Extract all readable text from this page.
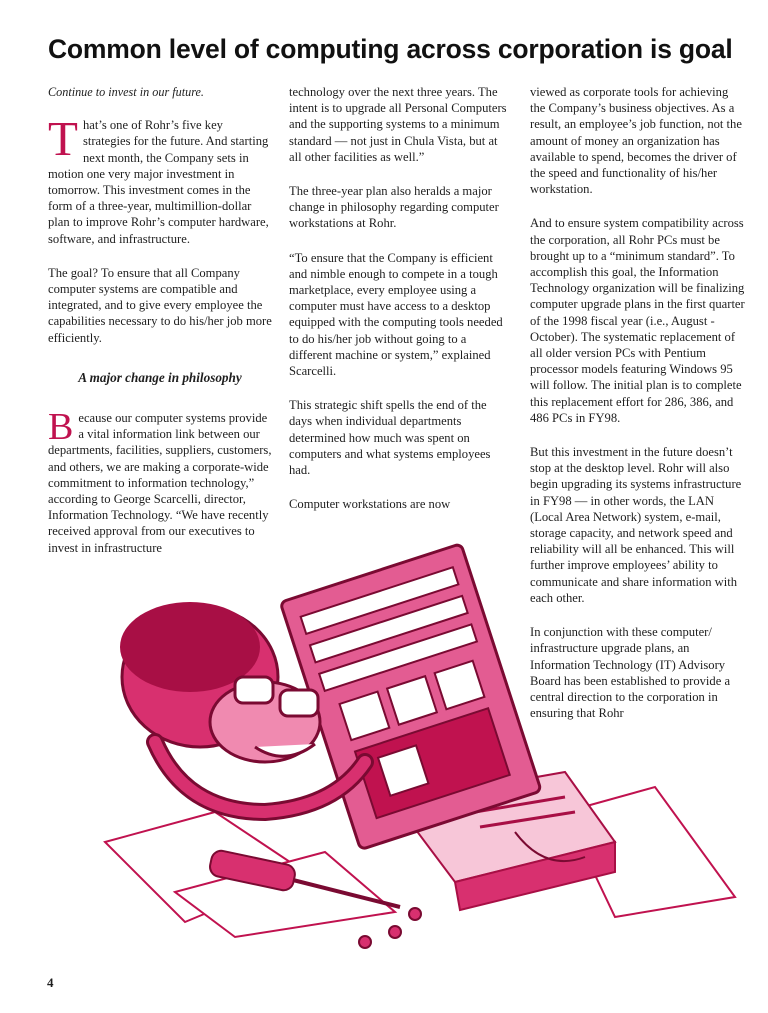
Common level of computing across corporation is goal

Continue to invest in our future.

That’s one of Rohr’s five key strategies for the future. And starting next month, the Company sets in motion one very major investment in tomorrow. This investment comes in the form of a three-year, multimillion-dollar plan to improve Rohr’s computer hardware, software, and infrastructure.

The goal? To ensure that all Company computer systems are compatible and integrated, and to give every employee the capabilities necessary to do his/her job more efficiently.

A major change in philosophy

Because our computer systems provide a vital information link between our departments, facilities, suppliers, customers, and others, we are making a corporate-wide commitment to information technology,” according to George Scarcelli, director, Information Technology. “We have recently received approval from our executives to invest in infrastructure

technology over the next three years. The intent is to upgrade all Personal Computers and the supporting systems to a minimum standard — not just in Chula Vista, but at all other facilities as well.”

The three-year plan also heralds a major change in philosophy regarding computer workstations at Rohr.

“To ensure that the Company is efficient and nimble enough to compete in a tough marketplace, every employee using a computer must have access to a desktop equipped with the computing tools needed to do his/her job without going to a different machine or system,” explained Scarcelli.

This strategic shift spells the end of the days when individual departments determined how much was spent on computers and what systems employees had.

Computer workstations are now

viewed as corporate tools for achieving the Company’s business objectives. As a result, an employee’s job function, not the amount of money an organization has available to spend, becomes the driver of the speed and functionality of his/her workstation.

And to ensure system compatibility across the corporation, all Rohr PCs must be brought up to a “minimum standard”. To accomplish this goal, the Information Technology organization will be finalizing computer upgrade plans in the first quarter of the 1998 fiscal year (i.e., August - October). The systematic replacement of all older version PCs with Pentium processor models featuring Windows 95 will follow. The initial plan is to complete this replacement effort for 286, 386, and 486 PCs in FY98.

But this investment in the future doesn’t stop at the desktop level. Rohr will also begin upgrading its systems infrastructure in FY98 — in other words, the LAN (Local Area Network) system, e-mail, storage capacity, and network speed and reliability will all be enhanced. This will further improve employees’ ability to communicate and share information with each other.

In conjunction with these computer/ infrastructure upgrade plans, an Information Technology (IT) Advisory Board has been established to provide a central direction to the corporation in ensuring that Rohr

4
